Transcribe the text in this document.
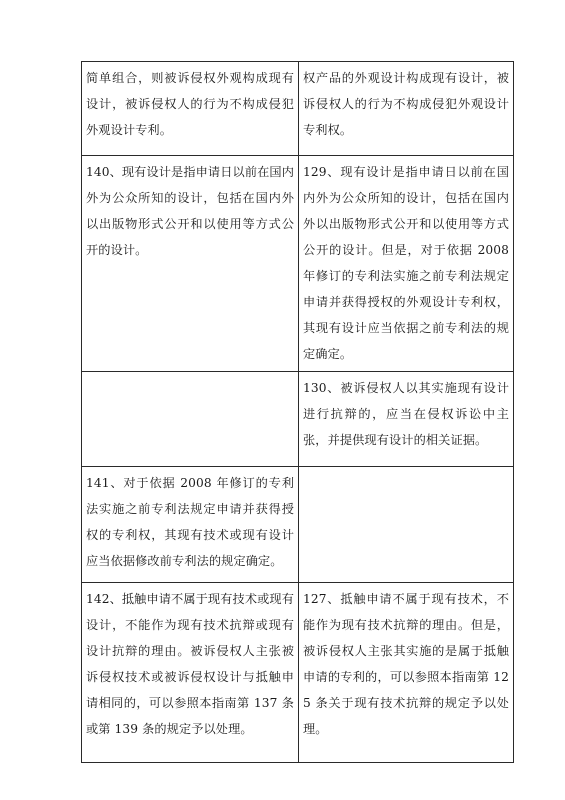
简单组合，则被诉侵权外观构成现有设计，被诉侵权人的行为不构成侵犯外观设计专利。	权产品的外观设计构成现有设计，被诉侵权人的行为不构成侵犯外观设计专利权。

140、现有设计是指申请日以前在国内外为公众所知的设计，包括在国内外以出版物形式公开和以使用等方式公开的设计。	129、现有设计是指申请日以前在国内外为公众所知的设计，包括在国内外以出版物形式公开和以使用等方式公开的设计。但是，对于依据 2008 年修订的专利法实施之前专利法规定申请并获得授权的外观设计专利权，其现有设计应当依据之前专利法的规定确定。

	130、被诉侵权人以其实施现有设计进行抗辩的，应当在侵权诉讼中主张，并提供现有设计的相关证据。

141、对于依据 2008 年修订的专利法实施之前专利法规定申请并获得授权的专利权，其现有技术或现有设计应当依据修改前专利法的规定确定。	

142、抵触申请不属于现有技术或现有设计，不能作为现有技术抗辩或现有设计抗辩的理由。被诉侵权人主张被诉侵权技术或被诉侵权设计与抵触申请相同的，可以参照本指南第 137 条或第 139 条的规定予以处理。	127、抵触申请不属于现有技术，不能作为现有技术抗辩的理由。但是，被诉侵权人主张其实施的是属于抵触申请的专利的，可以参照本指南第 125 条关于现有技术抗辩的规定予以处理。
